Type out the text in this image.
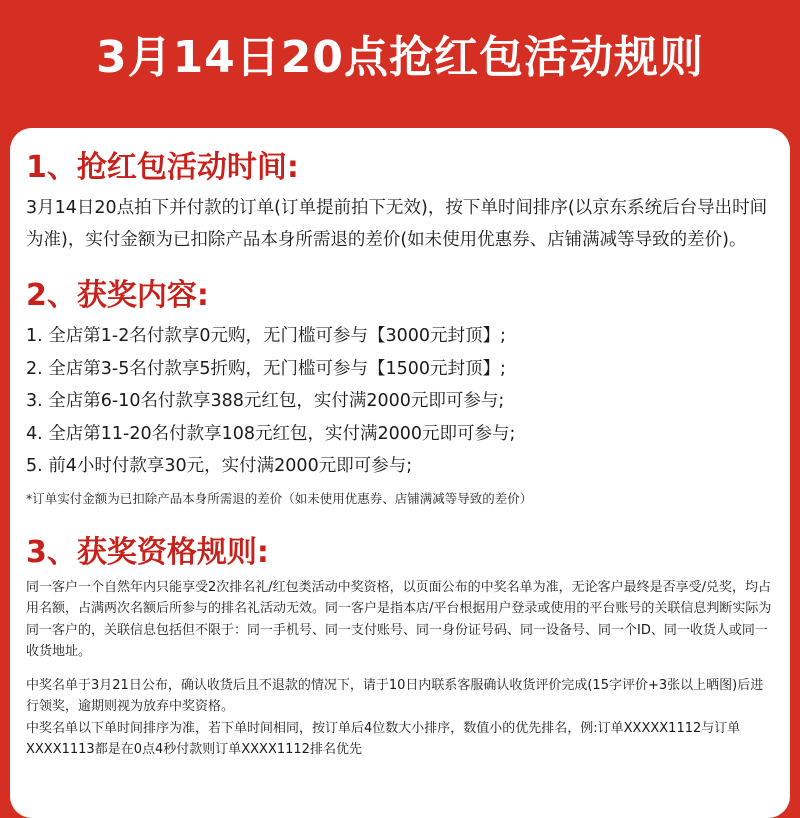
3月14日20点抢红包活动规则
1、抢红包活动时间:

3月14日20点拍下并付款的订单(订单提前拍下无效)，按下单时间排序(以京东系统后台导出时间为准)，实付金额为已扣除产品本身所需退的差价(如未使用优惠券、店铺满减等导致的差价)。

2、获奖内容:
1. 全店第1-2名付款享0元购，无门槛可参与【3000元封顶】;
2. 全店第3-5名付款享5折购，无门槛可参与【1500元封顶】;
3. 全店第6-10名付款享388元红包，实付满2000元即可参与;
4. 全店第11-20名付款享108元红包，实付满2000元即可参与;
5. 前4小时付款享30元，实付满2000元即可参与;

*订单实付金额为已扣除产品本身所需退的差价（如未使用优惠券、店铺满减等导致的差价）

3、获奖资格规则:

同一客户一个自然年内只能享受2次排名礼/红包类活动中奖资格，以页面公布的中奖名单为准，无论客户最终是否享受/兑奖，均占用名额，占满两次名额后所参与的排名礼活动无效。同一客户是指本店/平台根据用户登录或使用的平台账号的关联信息判断实际为同一客户的，关联信息包括但不限于：同一手机号、同一支付账号、同一身份证号码、同一设备号、同一个ID、同一收货人或同一收货地址。

中奖名单于3月21日公布，确认收货后且不退款的情况下，请于10日内联系客服确认收货评价完成(15字评价+3张以上晒图)后进行领奖，逾期则视为放弃中奖资格。

中奖名单以下单时间排序为准，若下单时间相同，按订单后4位数大小排序，数值小的优先排名，例:订单XXXXX1112与订单XXXX1113都是在0点4秒付款则订单XXXX1112排名优先
